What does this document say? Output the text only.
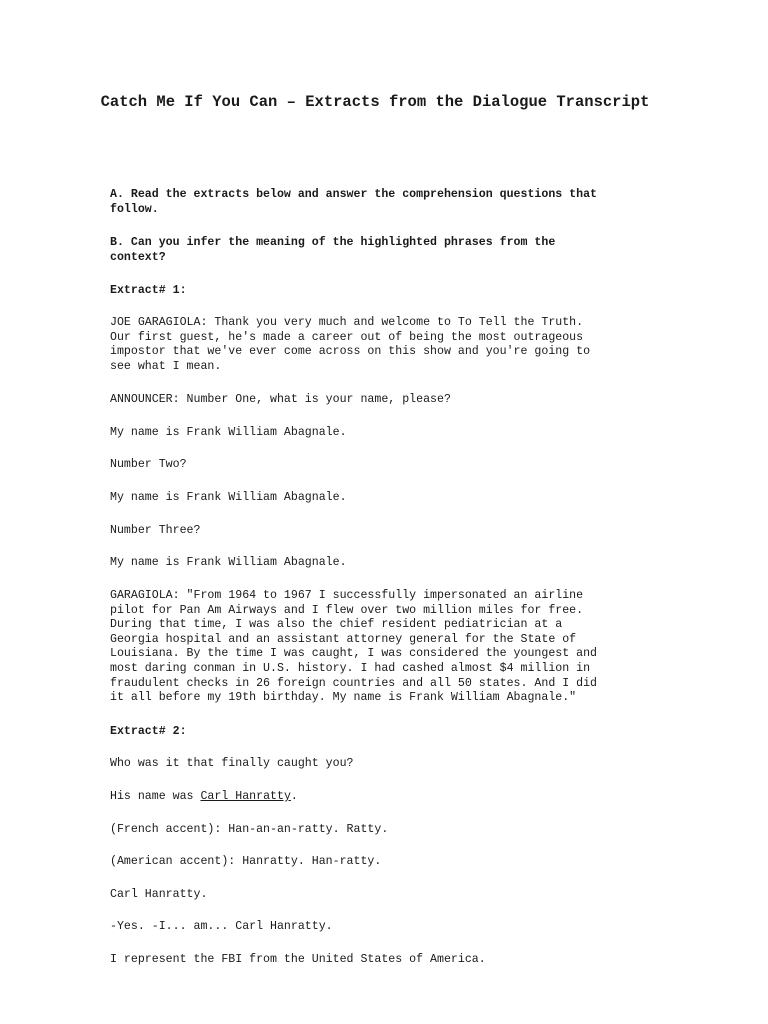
Catch Me If You Can – Extracts from the Dialogue Transcript

A. Read the extracts below and answer the comprehension questions that
follow.

B. Can you infer the meaning of the highlighted phrases from the
context?

Extract# 1:

JOE GARAGIOLA: Thank you very much and welcome to To Tell the Truth.
Our first guest, he's made a career out of being the most outrageous
impostor that we've ever come across on this show and you're going to
see what I mean.

ANNOUNCER: Number One, what is your name, please?

My name is Frank William Abagnale.

Number Two?

My name is Frank William Abagnale.

Number Three?

My name is Frank William Abagnale.

GARAGIOLA: "From 1964 to 1967 I successfully impersonated an airline
pilot for Pan Am Airways and I flew over two million miles for free.
During that time, I was also the chief resident pediatrician at a
Georgia hospital and an assistant attorney general for the State of
Louisiana. By the time I was caught, I was considered the youngest and
most daring conman in U.S. history. I had cashed almost $4 million in
fraudulent checks in 26 foreign countries and all 50 states. And I did
it all before my 19th birthday. My name is Frank William Abagnale."

Extract# 2:

Who was it that finally caught you?

His name was Carl Hanratty.

(French accent): Han-an-an-ratty. Ratty.

(American accent): Hanratty. Han-ratty.

Carl Hanratty.

-Yes. -I... am... Carl Hanratty.

I represent the FBI from the United States of America.
